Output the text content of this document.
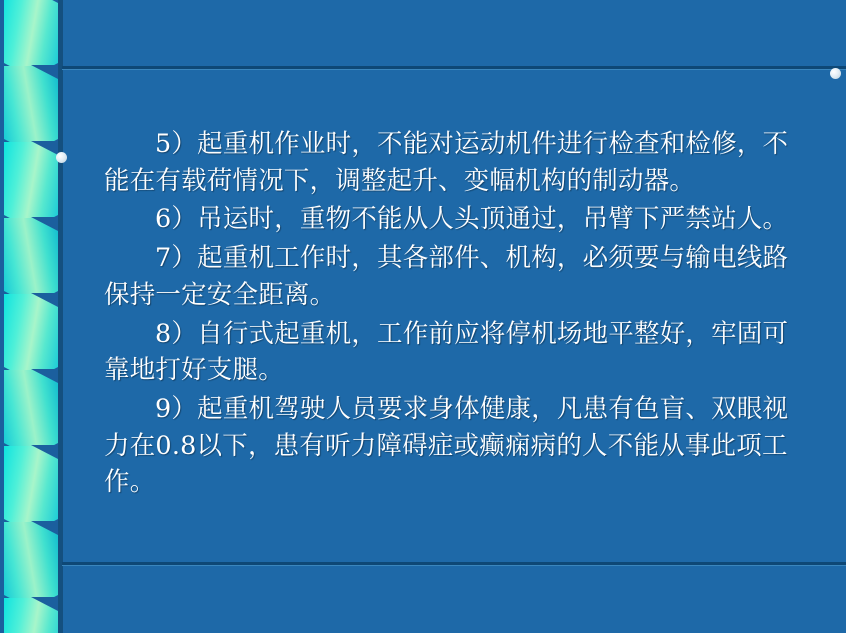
5）起重机作业时，不能对运动机件进行检查和检修，不能在有载荷情况下，调整起升、变幅机构的制动器。

6）吊运时，重物不能从人头顶通过，吊臂下严禁站人。

7）起重机工作时，其各部件、机构，必须要与输电线路保持一定安全距离。

8）自行式起重机，工作前应将停机场地平整好，牢固可靠地打好支腿。

9）起重机驾驶人员要求身体健康，凡患有色盲、双眼视力在0.8以下，患有听力障碍症或癫痫病的人不能从事此项工作。
